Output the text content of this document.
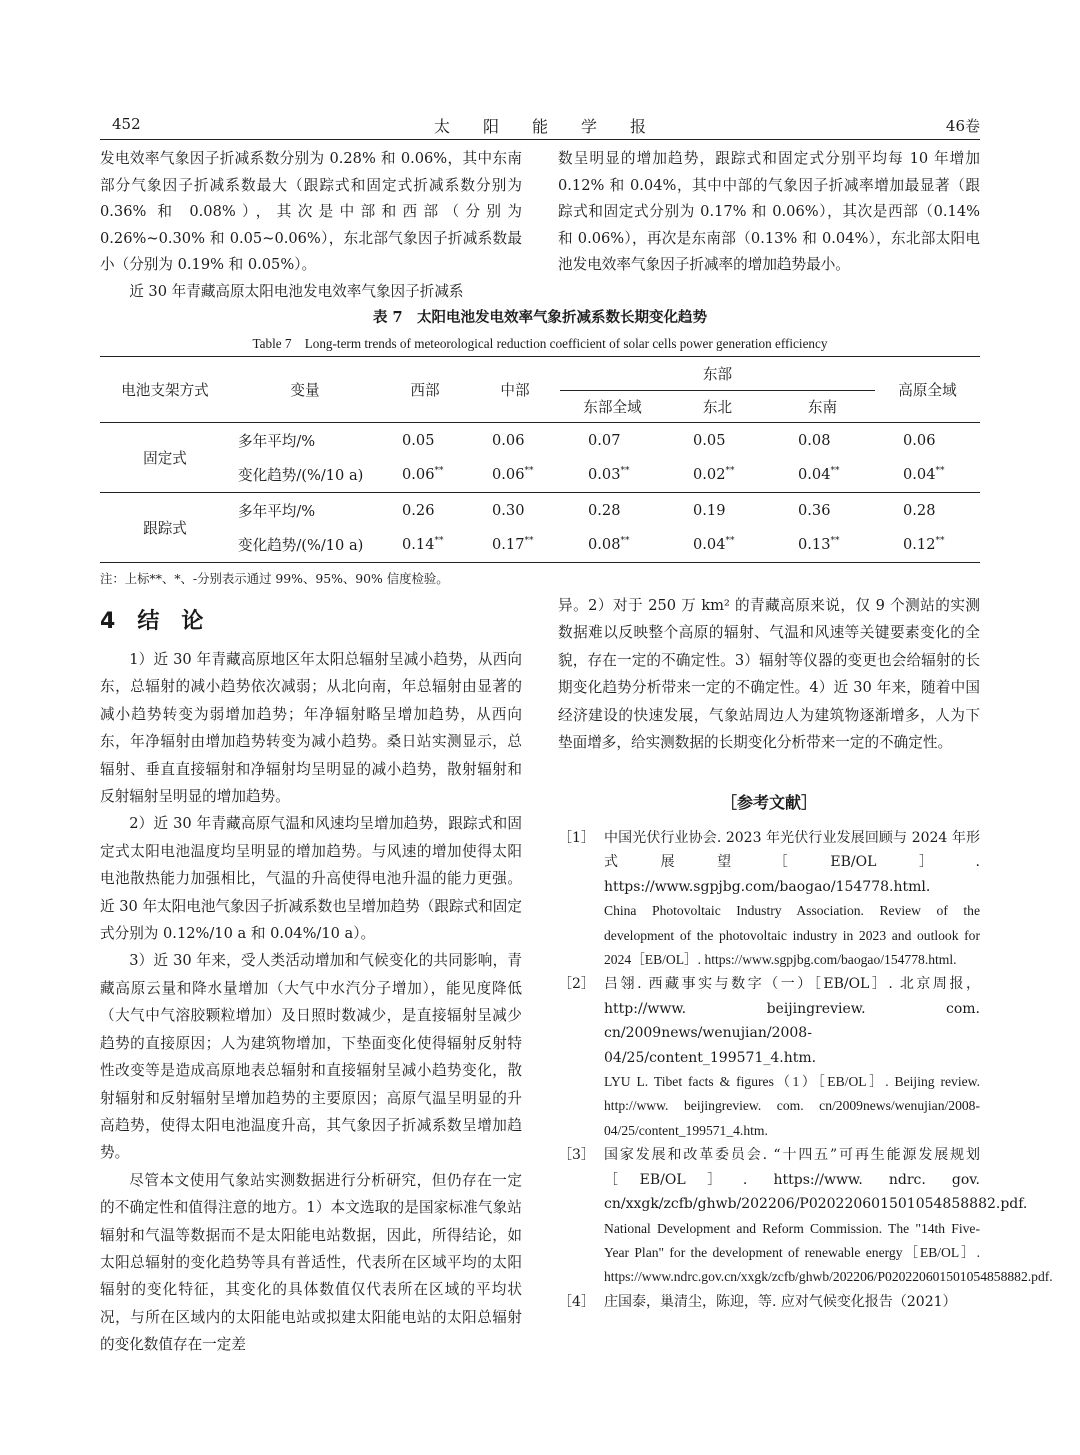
452	太阳能学报	46卷

发电效率气象因子折减系数分别为 0.28% 和 0.06%，其中东南部分气象因子折减系数最大（跟踪式和固定式折减系数分别为 0.36% 和 0.08%），其次是中部和西部（分别为 0.26%~0.30% 和 0.05~0.06%），东北部气象因子折减系数最小（分别为 0.19% 和 0.05%）。

近 30 年青藏高原太阳电池发电效率气象因子折减系

数呈明显的增加趋势，跟踪式和固定式分别平均每 10 年增加 0.12% 和 0.04%，其中中部的气象因子折减率增加最显著（跟踪式和固定式分别为 0.17% 和 0.06%），其次是西部（0.14% 和 0.06%），再次是东南部（0.13% 和 0.04%），东北部太阳电池发电效率气象因子折减率的增加趋势最小。

表 7　太阳电池发电效率气象折减系数长期变化趋势
Table 7　Long-term trends of meteorological reduction coefficient of solar cells power generation efficiency
电池支架方式	变量	西部	中部	东部			高原全域
				东部全域	东北	东南	
固定式	多年平均/%	0.05	0.06	0.07	0.05	0.08	0.06
	变化趋势/(%/10 a)	0.06**	0.06**	0.03**	0.02**	0.04**	0.04**
跟踪式	多年平均/%	0.26	0.30	0.28	0.19	0.36	0.28
	变化趋势/(%/10 a)	0.14**	0.17**	0.08**	0.04**	0.13**	0.12**
注：上标**、*、-分别表示通过 99%、95%、90% 信度检验。
4 结　论

1）近 30 年青藏高原地区年太阳总辐射呈减小趋势，从西向东，总辐射的减小趋势依次减弱；从北向南，年总辐射由显著的减小趋势转变为弱增加趋势；年净辐射略呈增加趋势，从西向东，年净辐射由增加趋势转变为减小趋势。桑日站实测显示，总辐射、垂直直接辐射和净辐射均呈明显的减小趋势，散射辐射和反射辐射呈明显的增加趋势。

2）近 30 年青藏高原气温和风速均呈增加趋势，跟踪式和固定式太阳电池温度均呈明显的增加趋势。与风速的增加使得太阳电池散热能力加强相比，气温的升高使得电池升温的能力更强。近 30 年太阳电池气象因子折减系数也呈增加趋势（跟踪式和固定式分别为 0.12%/10 a 和 0.04%/10 a）。

3）近 30 年来，受人类活动增加和气候变化的共同影响，青藏高原云量和降水量增加（大气中水汽分子增加），能见度降低（大气中气溶胶颗粒增加）及日照时数减少，是直接辐射呈减少趋势的直接原因；人为建筑物增加，下垫面变化使得辐射反射特性改变等是造成高原地表总辐射和直接辐射呈减小趋势变化，散射辐射和反射辐射呈增加趋势的主要原因；高原气温呈明显的升高趋势，使得太阳电池温度升高，其气象因子折减系数呈增加趋势。

尽管本文使用气象站实测数据进行分析研究，但仍存在一定的不确定性和值得注意的地方。1）本文选取的是国家标准气象站辐射和气温等数据而不是太阳能电站数据，因此，所得结论，如太阳总辐射的变化趋势等具有普适性，代表所在区域平均的太阳辐射的变化特征，其变化的具体数值仅代表所在区域的平均状况，与所在区域内的太阳能电站或拟建太阳能电站的太阳总辐射的变化数值存在一定差

异。2）对于 250 万 km² 的青藏高原来说，仅 9 个测站的实测数据难以反映整个高原的辐射、气温和风速等关键要素变化的全貌，存在一定的不确定性。3）辐射等仪器的变更也会给辐射的长期变化趋势分析带来一定的不确定性。4）近 30 年来，随着中国经济建设的快速发展，气象站周边人为建筑物逐渐增多，人为下垫面增多，给实测数据的长期变化分析带来一定的不确定性。

［参考文献］
［1］ 中国光伏行业协会. 2023 年光伏行业发展回顾与 2024 年形式展望［EB/OL］. https://www.sgpjbg.com/baogao/154778.html.
China Photovoltaic Industry Association. Review of the development of the photovoltaic industry in 2023 and outlook for 2024［EB/OL］. https://www.sgpjbg.com/baogao/154778.html.
［2］ 吕翎. 西藏事实与数字（一）［EB/OL］. 北京周报，http://www. beijingreview. com. cn/2009news/wenujian/2008-04/25/content_199571_4.htm.
LYU L. Tibet facts & figures（1）［EB/OL］. Beijing review. http://www. beijingreview. com. cn/2009news/wenujian/2008-04/25/content_199571_4.htm.
［3］ 国家发展和改革委员会. “十四五”可再生能源发展规划［EB/OL］. https://www. ndrc. gov. cn/xxgk/zcfb/ghwb/202206/P020220601501054858882.pdf.
National Development and Reform Commission. The "14th Five-Year Plan" for the development of renewable energy［EB/OL］. https://www.ndrc.gov.cn/xxgk/zcfb/ghwb/202206/P020220601501054858882.pdf.
［4］ 庄国泰，巢清尘，陈迎，等. 应对气候变化报告（2021）
